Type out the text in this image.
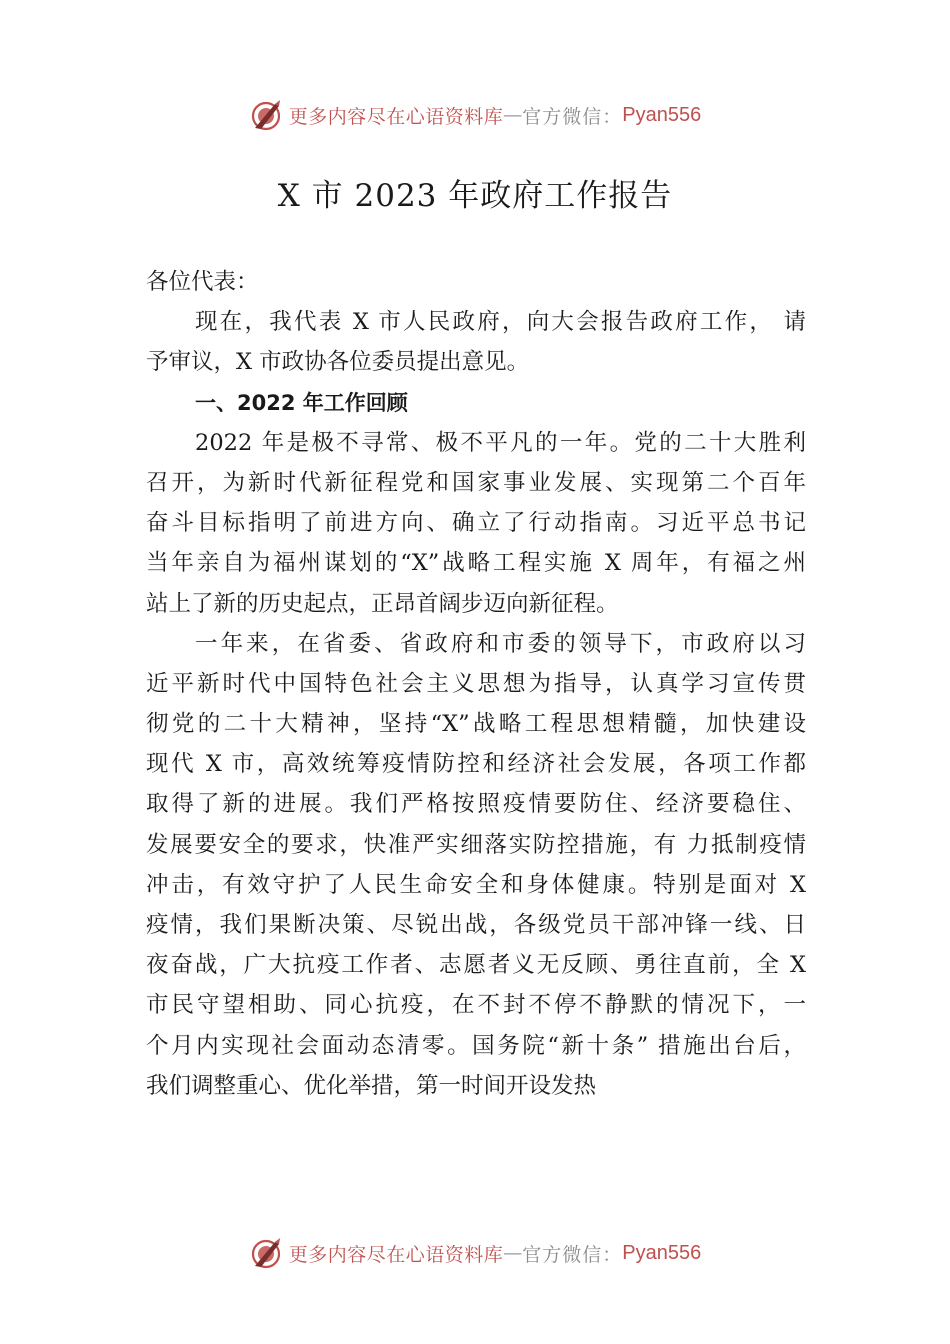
更多内容尽在心语资料库 — 官方微信： Pyan556
X 市 2023 年政府工作报告
各位代表：
现在，我代表 X 市人民政府，向大会报告政府工作， 请
予审议，X 市政协各位委员提出意见。
一、2022 年工作回顾
2022 年是极不寻常、极不平凡的一年。党的二十大胜利
召开，为新时代新征程党和国家事业发展、实现第二个百年
奋斗目标指明了前进方向、确立了行动指南。习近平总书记
当年亲自为福州谋划的“X”战略工程实施 X 周年，有福之州
站上了新的历史起点，正昂首阔步迈向新征程。
一年来，在省委、省政府和市委的领导下，市政府以习
近平新时代中国特色社会主义思想为指导，认真学习宣传贯
彻党的二十大精神，坚持“X”战略工程思想精髓，加快建设
现代 X 市，高效统筹疫情防控和经济社会发展，各项工作都
取得了新的进展。我们严格按照疫情要防住、经济要稳住、
发展要安全的要求，快准严实细落实防控措施，有 力抵制疫情
冲击，有效守护了人民生命安全和身体健康。特别是面对 X
疫情，我们果断决策、尽锐出战，各级党员干部冲锋一线、日
夜奋战，广大抗疫工作者、志愿者义无反顾、勇往直前，全 X
市民守望相助、同心抗疫，在不封不停不静默的情况下，一
个月内实现社会面动态清零。国务院“新十条” 措施出台后，
我们调整重心、优化举措，第一时间开设发热
更多内容尽在心语资料库 — 官方微信： Pyan556
